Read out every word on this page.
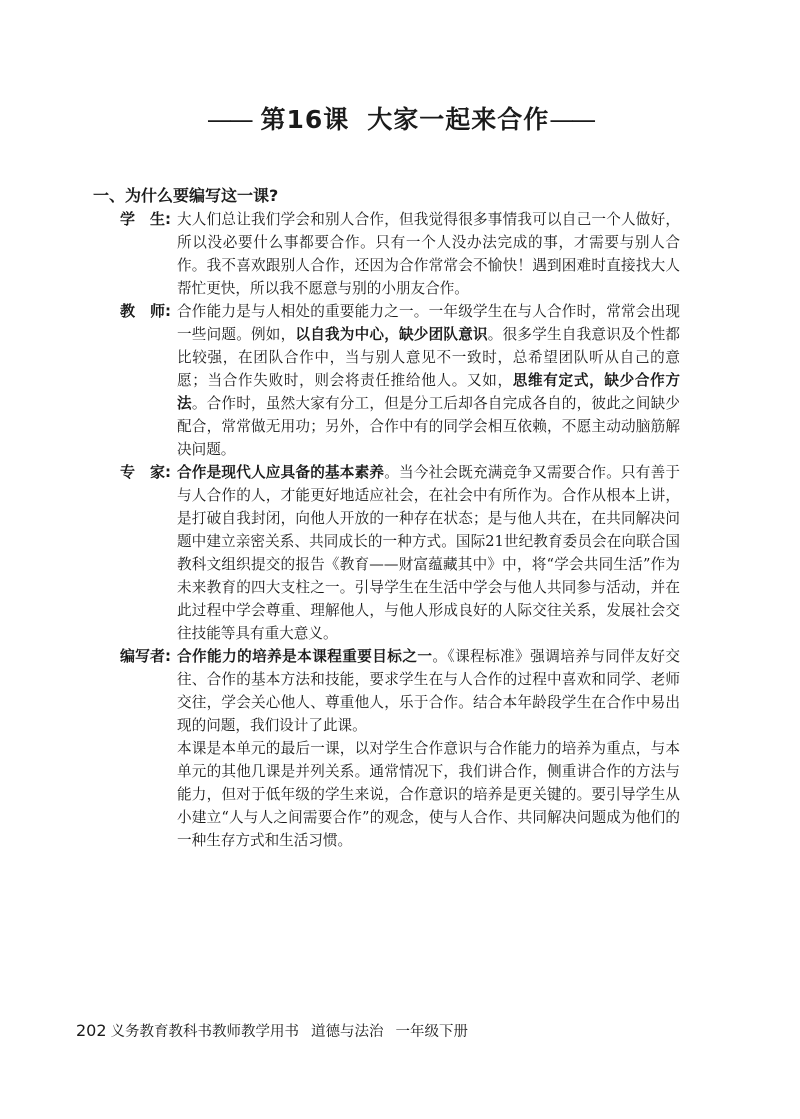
—— 第16课 大家一起来合作——
一、为什么要编写这一课?
学　生: 大人们总让我们学会和别人合作，但我觉得很多事情我可以自己一个人做好，所以没必要什么事都要合作。只有一个人没办法完成的事，才需要与别人合作。我不喜欢跟别人合作，还因为合作常常会不愉快！遇到困难时直接找大人帮忙更快，所以我不愿意与别的小朋友合作。

教　师: 合作能力是与人相处的重要能力之一。一年级学生在与人合作时，常常会出现一些问题。例如，以自我为中心，缺少团队意识。很多学生自我意识及个性都比较强，在团队合作中，当与别人意见不一致时，总希望团队听从自己的意愿；当合作失败时，则会将责任推给他人。又如，思维有定式，缺少合作方法。合作时，虽然大家有分工，但是分工后却各自完成各自的，彼此之间缺少配合，常常做无用功；另外，合作中有的同学会相互依赖，不愿主动动脑筋解决问题。

专　家: 合作是现代人应具备的基本素养。当今社会既充满竞争又需要合作。只有善于与人合作的人，才能更好地适应社会，在社会中有所作为。合作从根本上讲，是打破自我封闭，向他人开放的一种存在状态；是与他人共在，在共同解决问题中建立亲密关系、共同成长的一种方式。国际21世纪教育委员会在向联合国教科文组织提交的报告《教育——财富蕴藏其中》中，将“学会共同生活”作为未来教育的四大支柱之一。引导学生在生活中学会与他人共同参与活动，并在此过程中学会尊重、理解他人，与他人形成良好的人际交往关系，发展社会交往技能等具有重大意义。

编写者: 合作能力的培养是本课程重要目标之一。《课程标准》强调培养与同伴友好交往、合作的基本方法和技能，要求学生在与人合作的过程中喜欢和同学、老师交往，学会关心他人、尊重他人，乐于合作。结合本年龄段学生在合作中易出现的问题，我们设计了此课。

本课是本单元的最后一课，以对学生合作意识与合作能力的培养为重点，与本单元的其他几课是并列关系。通常情况下，我们讲合作，侧重讲合作的方法与能力，但对于低年级的学生来说，合作意识的培养是更关键的。要引导学生从小建立“人与人之间需要合作”的观念，使与人合作、共同解决问题成为他们的一种生存方式和生活习惯。

202 义务教育教科书教师教学用书 道德与法治 一年级下册
